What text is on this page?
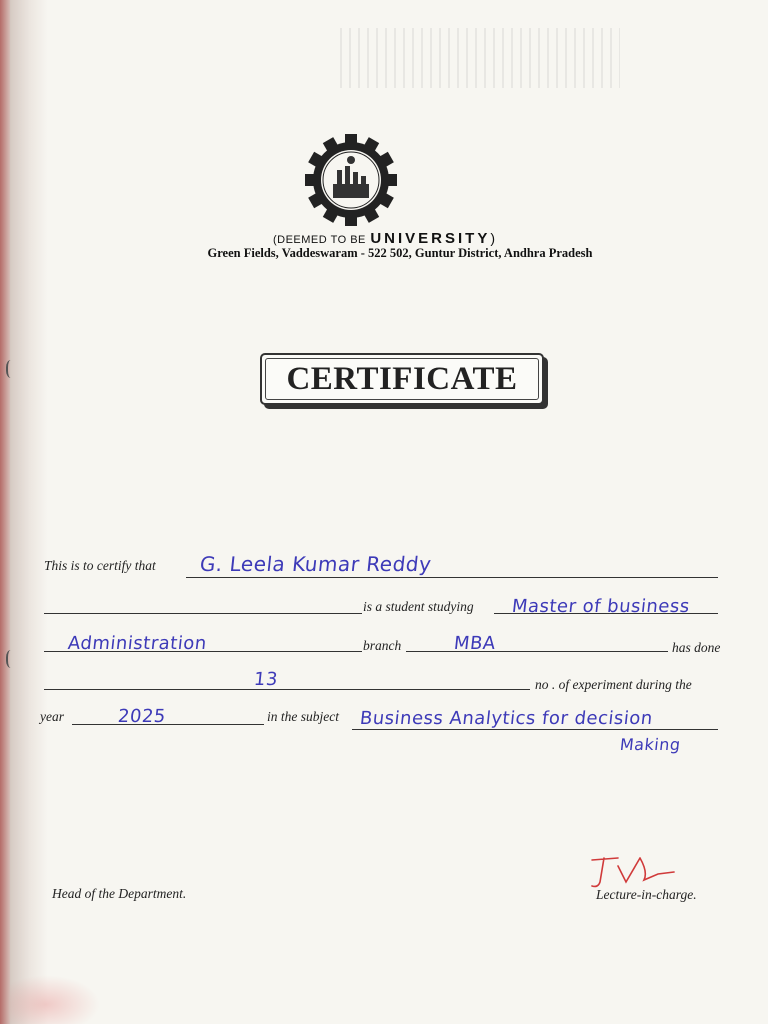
(DEEMED TO BE UNIVERSITY)
Green Fields, Vaddeswaram - 522 502, Guntur District, Andhra Pradesh
CERTIFICATE
This is to certify that G. Leela Kumar Reddy
is a student studying Master of business
Administration	branch	MBA	has done
13	no . of experiment during the
year	2025	in the subject Business Analytics for decision
Making
Head of the Department.	Lecture-in-charge.
